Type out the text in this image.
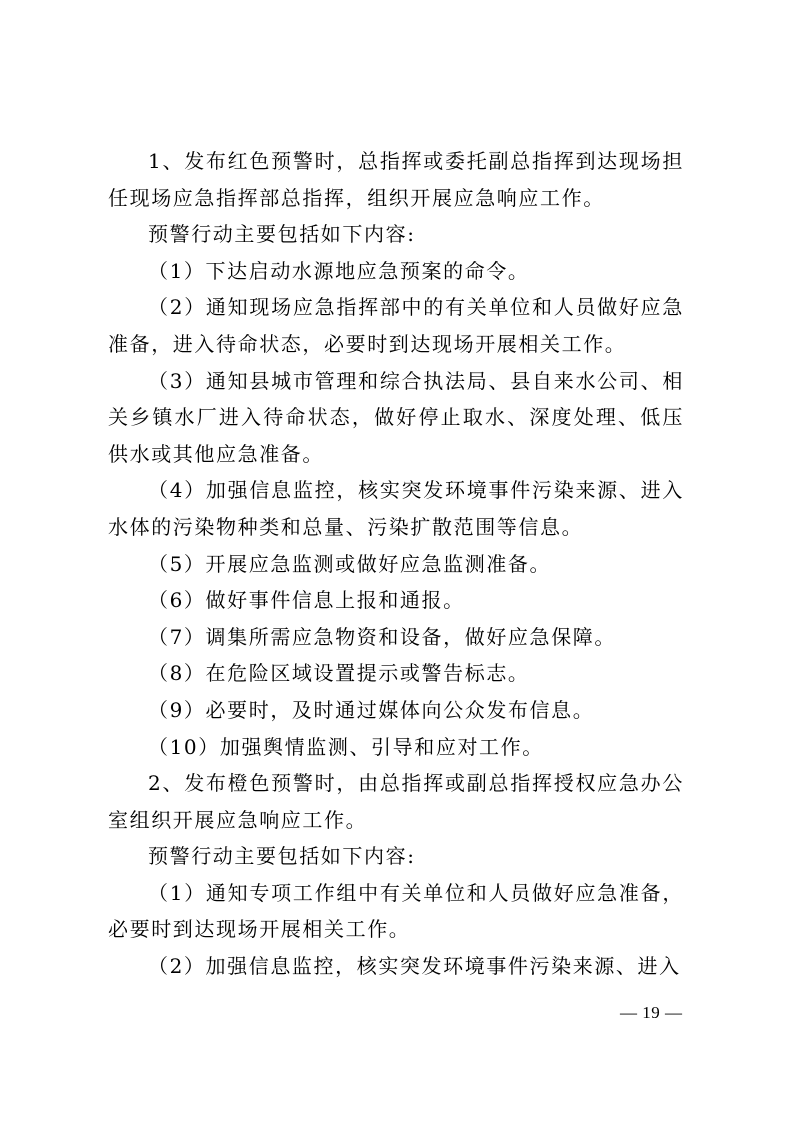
1、发布红色预警时，总指挥或委托副总指挥到达现场担任现场应急指挥部总指挥，组织开展应急响应工作。

预警行动主要包括如下内容:

（1）下达启动水源地应急预案的命令。

（2）通知现场应急指挥部中的有关单位和人员做好应急准备，进入待命状态，必要时到达现场开展相关工作。

（3）通知县城市管理和综合执法局、县自来水公司、相关乡镇水厂进入待命状态，做好停止取水、深度处理、低压供水或其他应急准备。

（4）加强信息监控，核实突发环境事件污染来源、进入水体的污染物种类和总量、污染扩散范围等信息。

（5）开展应急监测或做好应急监测准备。

（6）做好事件信息上报和通报。

（7）调集所需应急物资和设备，做好应急保障。

（8）在危险区域设置提示或警告标志。

（9）必要时，及时通过媒体向公众发布信息。

（10）加强舆情监测、引导和应对工作。

2、发布橙色预警时，由总指挥或副总指挥授权应急办公室组织开展应急响应工作。

预警行动主要包括如下内容:

（1）通知专项工作组中有关单位和人员做好应急准备，必要时到达现场开展相关工作。

（2）加强信息监控，核实突发环境事件污染来源、进入

— 19 —
